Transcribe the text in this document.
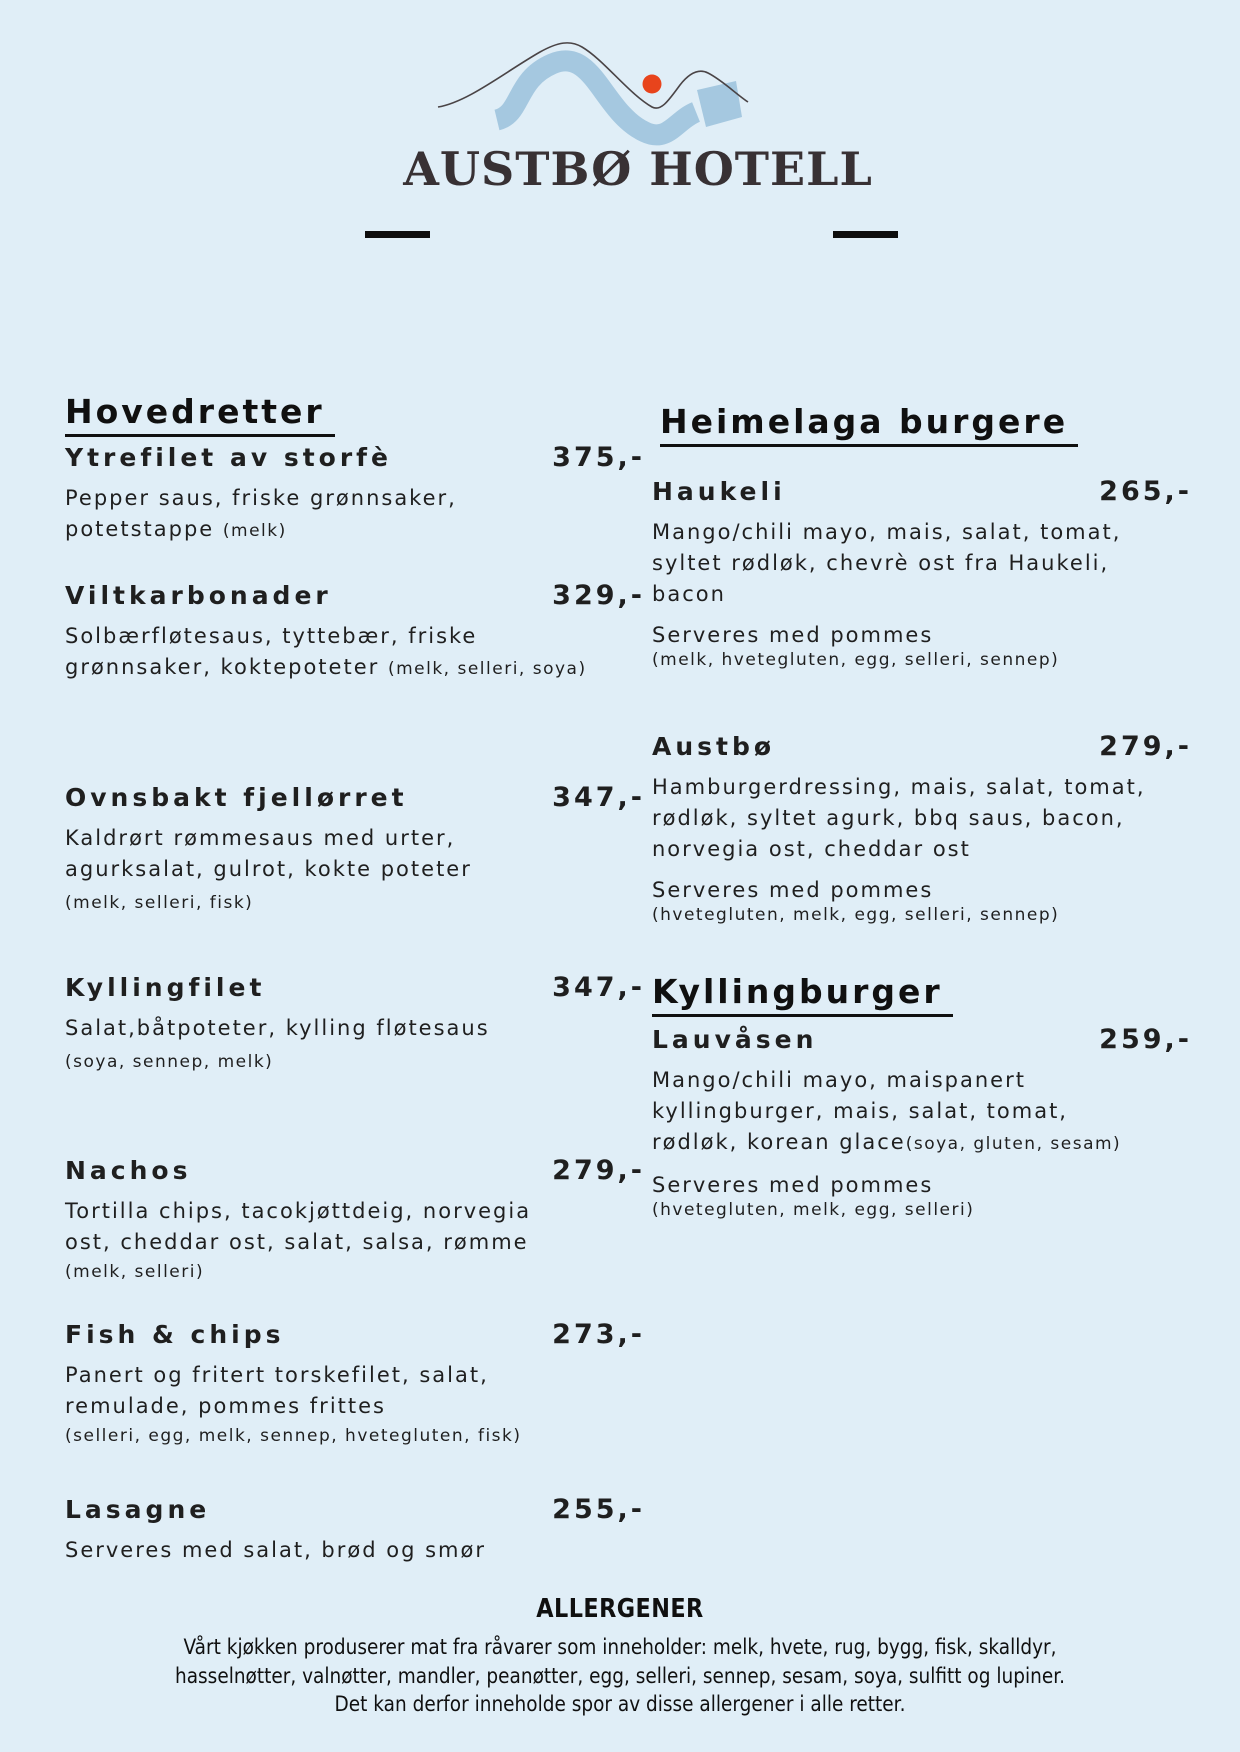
AUSTBØ HOTELL
Hovedretter
Ytrefilet av storfè	375,-
Pepper saus, friske grønnsaker,
potetstappe (melk)
Viltkarbonader	329,-
Solbærfløtesaus, tyttebær, friske
grønnsaker, koktepoteter (melk, selleri, soya)
Ovnsbakt fjellørret	347,-
Kaldrørt rømmesaus med urter,
agurksalat, gulrot, kokte poteter
(melk, selleri, fisk)
Kyllingfilet	347,-
Salat,båtpoteter, kylling fløtesaus
(soya, sennep, melk)
Nachos	279,-
Tortilla chips, tacokjøttdeig, norvegia
ost, cheddar ost, salat, salsa, rømme
(melk, selleri)
Fish & chips	273,-
Panert og fritert torskefilet, salat,
remulade, pommes frittes
(selleri, egg, melk, sennep, hvetegluten, fisk)
Lasagne	255,-
Serveres med salat, brød og smør
Heimelaga burgere
Haukeli	265,-
Mango/chili mayo, mais, salat, tomat,
syltet rødløk, chevrè ost fra Haukeli,
bacon
Serveres med pommes
(melk, hvetegluten, egg, selleri, sennep)
Austbø	279,-
Hamburgerdressing, mais, salat, tomat,
rødløk, syltet agurk, bbq saus, bacon,
norvegia ost, cheddar ost
Serveres med pommes
(hvetegluten, melk, egg, selleri, sennep)
Kyllingburger
Lauvåsen	259,-
Mango/chili mayo, maispanert
kyllingburger, mais, salat, tomat,
rødløk, korean glace(soya, gluten, sesam)
Serveres med pommes
(hvetegluten, melk, egg, selleri)
ALLERGENER
Vårt kjøkken produserer mat fra råvarer som inneholder: melk, hvete, rug, bygg, fisk, skalldyr,
hasselnøtter, valnøtter, mandler, peanøtter, egg, selleri, sennep, sesam, soya, sulfitt og lupiner.
Det kan derfor inneholde spor av disse allergener i alle retter.
